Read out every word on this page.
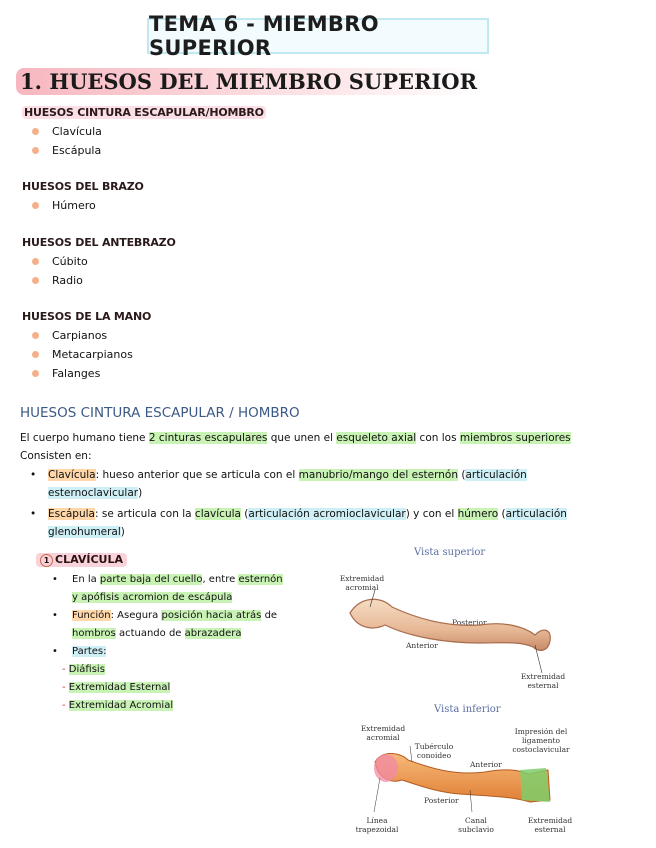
TEMA 6 - MIEMBRO SUPERIOR
1. HUESOS DEL MIEMBRO SUPERIOR
HUESOS CINTURA ESCAPULAR/HOMBRO
Clavícula
Escápula
HUESOS DEL BRAZO
Húmero
HUESOS DEL ANTEBRAZO
Cúbito
Radio
HUESOS DE LA MANO
Carpianos
Metacarpianos
Falanges
HUESOS CINTURA ESCAPULAR / HOMBRO
El cuerpo humano tiene 2 cinturas escapulares que unen el esqueleto axial con los miembros superiores
Consisten en:
•	Clavícula: hueso anterior que se articula con el manubrio/mango del esternón (articulación
esternoclavicular)
•	Escápula: se articula con la clavícula (articulación acromioclavicular) y con el húmero (articulación
glenohumeral)
1 CLAVÍCULA
• En la parte baja del cuello, entre esternón
y apófisis acromion de escápula
• Función: Asegura posición hacia atrás de
hombros actuando de abrazadera
• Partes:
- Diáfisis
- Extremidad Esternal
- Extremidad Acromial
Vista superior
Extremidad acromial
Posterior
Anterior
Extremidad esternal
Vista inferior
Extremidad acromial
Tubérculo conoideo
Anterior
Impresión del ligamento costoclavicular
Posterior
Línea trapezoidal
Canal subclavio
Extremidad esternal
